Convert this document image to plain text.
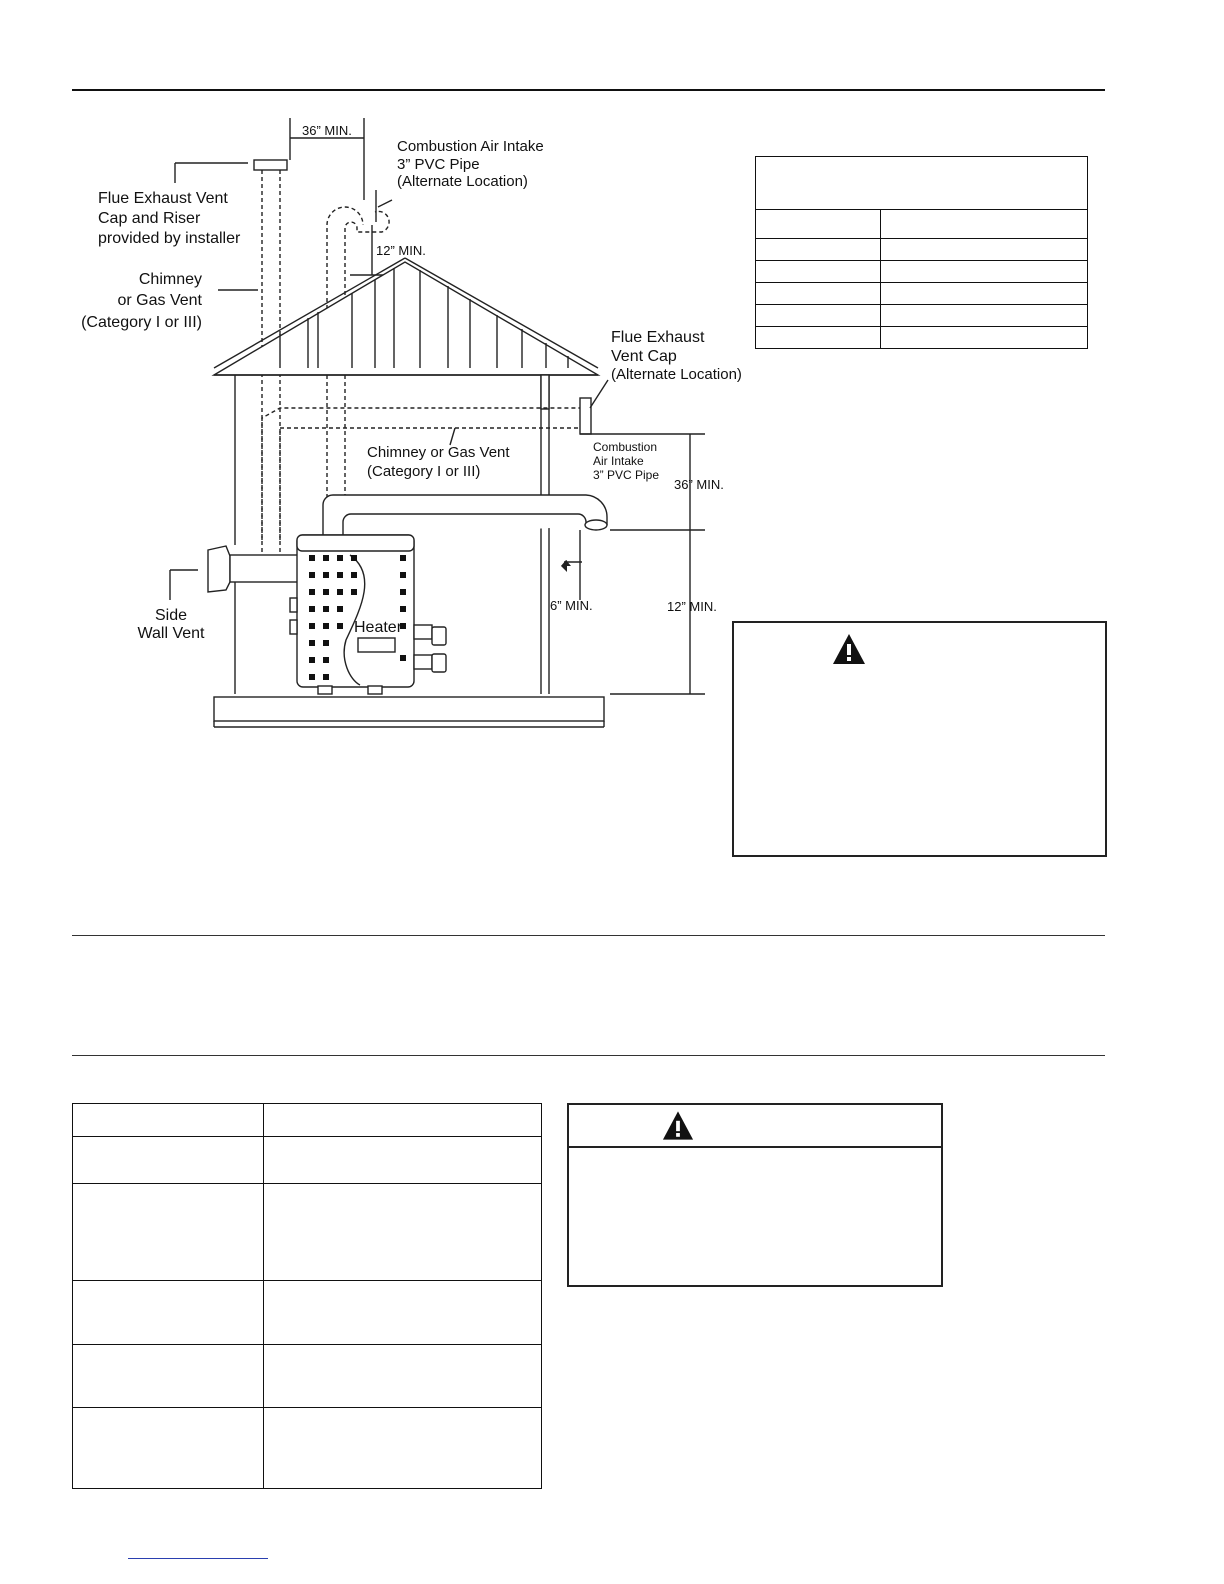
36” MIN.
Combustion Air Intake
3” PVC Pipe
(Alternate Location)
Flue Exhaust Vent
Cap and Riser
provided by installer
12” MIN.
Chimney
or Gas Vent
(Category I or III)
Flue Exhaust
Vent Cap
(Alternate Location)
Chimney or Gas Vent
(Category I or III)
Combustion
Air Intake
3” PVC Pipe
36” MIN.
6” MIN.	12” MIN.
Side
Wall Vent	Heater
